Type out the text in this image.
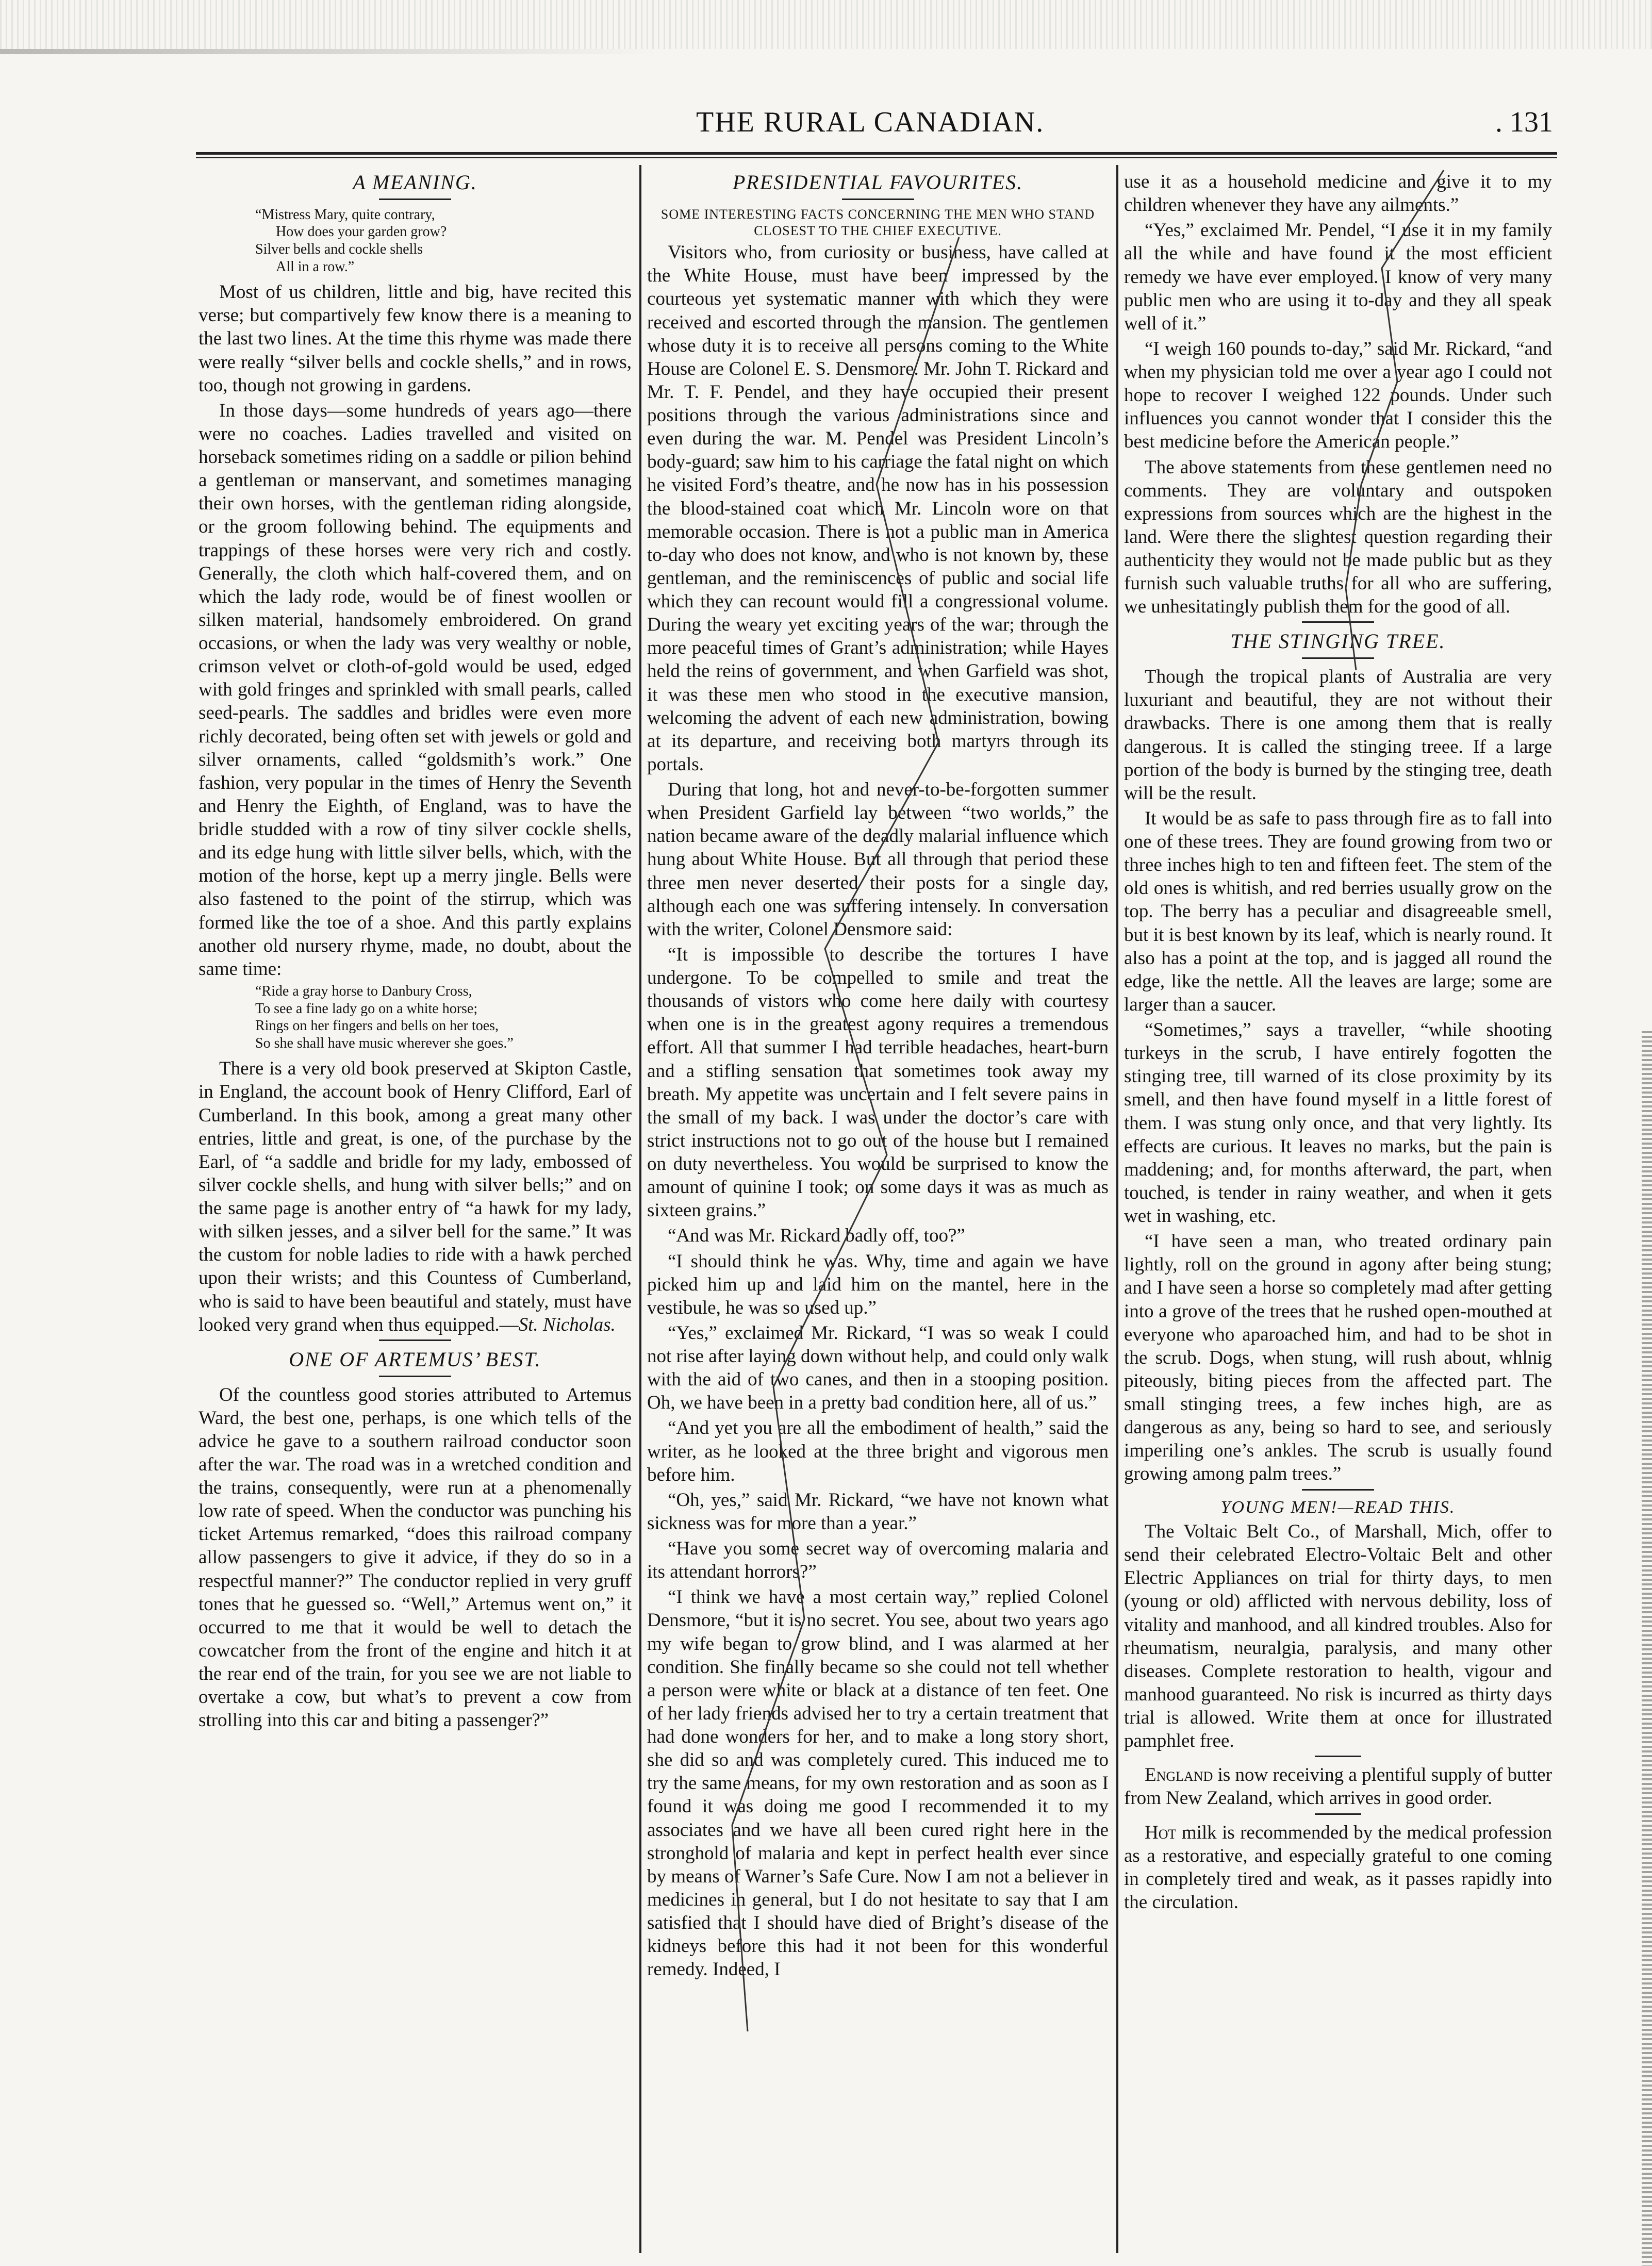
THE RURAL CANADIAN.	. 131

A MEANING.

“Mistress Mary, quite contrary,
How does your garden grow?
Silver bells and cockle shells
All in a row.”

Most of us children, little and big, have recited this verse; but compartively few know there is a meaning to the last two lines. At the time this rhyme was made there were really “silver bells and cockle shells,” and in rows, too, though not growing in gardens.

In those days—some hundreds of years ago—there were no coaches. Ladies travelled and visited on horseback sometimes riding on a saddle or pilion behind a gentleman or manservant, and sometimes managing their own horses, with the gentleman riding alongside, or the groom following behind. The equipments and trappings of these horses were very rich and costly. Generally, the cloth which half-covered them, and on which the lady rode, would be of finest woollen or silken material, handsomely embroidered. On grand occasions, or when the lady was very wealthy or noble, crimson velvet or cloth-of-gold would be used, edged with gold fringes and sprinkled with small pearls, called seed-pearls. The saddles and bridles were even more richly decorated, being often set with jewels or gold and silver ornaments, called “goldsmith’s work.” One fashion, very popular in the times of Henry the Seventh and Henry the Eighth, of England, was to have the bridle studded with a row of tiny silver cockle shells, and its edge hung with little silver bells, which, with the motion of the horse, kept up a merry jingle. Bells were also fastened to the point of the stirrup, which was formed like the toe of a shoe. And this partly explains another old nursery rhyme, made, no doubt, about the same time:

“Ride a gray horse to Danbury Cross,
To see a fine lady go on a white horse;
Rings on her fingers and bells on her toes,
So she shall have music wherever she goes.”

There is a very old book preserved at Skipton Castle, in England, the account book of Henry Clifford, Earl of Cumberland. In this book, among a great many other entries, little and great, is one, of the purchase by the Earl, of “a saddle and bridle for my lady, embossed of silver cockle shells, and hung with silver bells;” and on the same page is another entry of “a hawk for my lady, with silken jesses, and a silver bell for the same.” It was the custom for noble ladies to ride with a hawk perched upon their wrists; and this Countess of Cumberland, who is said to have been beautiful and stately, must have looked very grand when thus equipped.—St. Nicholas.

ONE OF ARTEMUS’ BEST.

Of the countless good stories attributed to Artemus Ward, the best one, perhaps, is one which tells of the advice he gave to a southern railroad conductor soon after the war. The road was in a wretched condition and the trains, consequently, were run at a phenomenally low rate of speed. When the conductor was punching his ticket Artemus remarked, “does this railroad company allow passengers to give it advice, if they do so in a respectful manner?” The conductor replied in very gruff tones that he guessed so. “Well,” Artemus went on,” it occurred to me that it would be well to detach the cowcatcher from the front of the engine and hitch it at the rear end of the train, for you see we are not liable to overtake a cow, but what’s to prevent a cow from strolling into this car and biting a passenger?”

PRESIDENTIAL FAVOURITES.

SOME INTERESTING FACTS CONCERNING THE MEN WHO STAND CLOSEST TO THE CHIEF EXECUTIVE.

Visitors who, from curiosity or business, have called at the White House, must have been impressed by the courteous yet systematic manner with which they were received and escorted through the mansion. The gentlemen whose duty it is to receive all persons coming to the White House are Colonel E. S. Densmore. Mr. John T. Rickard and Mr. T. F. Pendel, and they have occupied their present positions through the various administrations since and even during the war. M. Pendel was President Lincoln’s body-guard; saw him to his carriage the fatal night on which he visited Ford’s theatre, and he now has in his possession the blood-stained coat which Mr. Lincoln wore on that memorable occasion. There is not a public man in America to-day who does not know, and who is not known by, these gentleman, and the reminiscences of public and social life which they can recount would fill a congressional volume. During the weary yet exciting years of the war; through the more peaceful times of Grant’s administration; while Hayes held the reins of government, and when Garfield was shot, it was these men who stood in the executive mansion, welcoming the advent of each new administration, bowing at its departure, and receiving both martyrs through its portals.

During that long, hot and never-to-be-forgotten summer when President Garfield lay between “two worlds,” the nation became aware of the deadly malarial influence which hung about White House. But all through that period these three men never deserted their posts for a single day, although each one was suffering intensely. In conversation with the writer, Colonel Densmore said:

“It is impossible to describe the tortures I have undergone. To be compelled to smile and treat the thousands of vistors who come here daily with courtesy when one is in the greatest agony requires a tremendous effort. All that summer I had terrible headaches, heart-burn and a stifling sensation that sometimes took away my breath. My appetite was uncertain and I felt severe pains in the small of my back. I was under the doctor’s care with strict instructions not to go out of the house but I remained on duty nevertheless. You would be surprised to know the amount of quinine I took; on some days it was as much as sixteen grains.”

“And was Mr. Rickard badly off, too?”

“I should think he was. Why, time and again we have picked him up and laid him on the mantel, here in the vestibule, he was so used up.”

“Yes,” exclaimed Mr. Rickard, “I was so weak I could not rise after laying down without help, and could only walk with the aid of two canes, and then in a stooping position. Oh, we have been in a pretty bad condition here, all of us.”

“And yet you are all the embodiment of health,” said the writer, as he looked at the three bright and vigorous men before him.

“Oh, yes,” said Mr. Rickard, “we have not known what sickness was for more than a year.”

“Have you some secret way of overcoming malaria and its attendant horrors?”

“I think we have a most certain way,” replied Colonel Densmore, “but it is no secret. You see, about two years ago my wife began to grow blind, and I was alarmed at her condition. She finally became so she could not tell whether a person were white or black at a distance of ten feet. One of her lady friends advised her to try a certain treatment that had done wonders for her, and to make a long story short, she did so and was completely cured. This induced me to try the same means, for my own restoration and as soon as I found it was doing me good I recommended it to my associates and we have all been cured right here in the stronghold of malaria and kept in perfect health ever since by means of Warner’s Safe Cure. Now I am not a believer in medicines in general, but I do not hesitate to say that I am satisfied that I should have died of Bright’s disease of the kidneys before this had it not been for this wonderful remedy. Indeed, I

use it as a household medicine and give it to my children whenever they have any ailments.”

“Yes,” exclaimed Mr. Pendel, “I use it in my family all the while and have found it the most efficient remedy we have ever employed. I know of very many public men who are using it to-day and they all speak well of it.”

“I weigh 160 pounds to-day,” said Mr. Rickard, “and when my physician told me over a year ago I could not hope to recover I weighed 122 pounds. Under such influences you cannot wonder that I consider this the best medicine before the American people.”

The above statements from these gentlemen need no comments. They are voluntary and outspoken expressions from sources which are the highest in the land. Were there the slightest question regarding their authenticity they would not be made public but as they furnish such valuable truths for all who are suffering, we unhesitatingly publish them for the good of all.

THE STINGING TREE.

Though the tropical plants of Australia are very luxuriant and beautiful, they are not without their drawbacks. There is one among them that is really dangerous. It is called the stinging treee. If a large portion of the body is burned by the stinging tree, death will be the result.

It would be as safe to pass through fire as to fall into one of these trees. They are found growing from two or three inches high to ten and fifteen feet. The stem of the old ones is whitish, and red berries usually grow on the top. The berry has a peculiar and disagreeable smell, but it is best known by its leaf, which is nearly round. It also has a point at the top, and is jagged all round the edge, like the nettle. All the leaves are large; some are larger than a saucer.

“Sometimes,” says a traveller, “while shooting turkeys in the scrub, I have entirely fogotten the stinging tree, till warned of its close proximity by its smell, and then have found myself in a little forest of them. I was stung only once, and that very lightly. Its effects are curious. It leaves no marks, but the pain is maddening; and, for months afterward, the part, when touched, is tender in rainy weather, and when it gets wet in washing, etc.

“I have seen a man, who treated ordinary pain lightly, roll on the ground in agony after being stung; and I have seen a horse so completely mad after getting into a grove of the trees that he rushed open-mouthed at everyone who aparoached him, and had to be shot in the scrub. Dogs, when stung, will rush about, whlnig piteously, biting pieces from the affected part. The small stinging trees, a few inches high, are as dangerous as any, being so hard to see, and seriously imperiling one’s ankles. The scrub is usually found growing among palm trees.”

YOUNG MEN!—READ THIS.

The Voltaic Belt Co., of Marshall, Mich, offer to send their celebrated Electro-Voltaic Belt and other Electric Appliances on trial for thirty days, to men (young or old) afflicted with nervous debility, loss of vitality and manhood, and all kindred troubles. Also for rheumatism, neuralgia, paralysis, and many other diseases. Complete restoration to health, vigour and manhood guaranteed. No risk is incurred as thirty days trial is allowed. Write them at once for illustrated pamphlet free.

England is now receiving a plentiful supply of butter from New Zealand, which arrives in good order.

Hot milk is recommended by the medical profession as a restorative, and especially grateful to one coming in completely tired and weak, as it passes rapidly into the circulation.
